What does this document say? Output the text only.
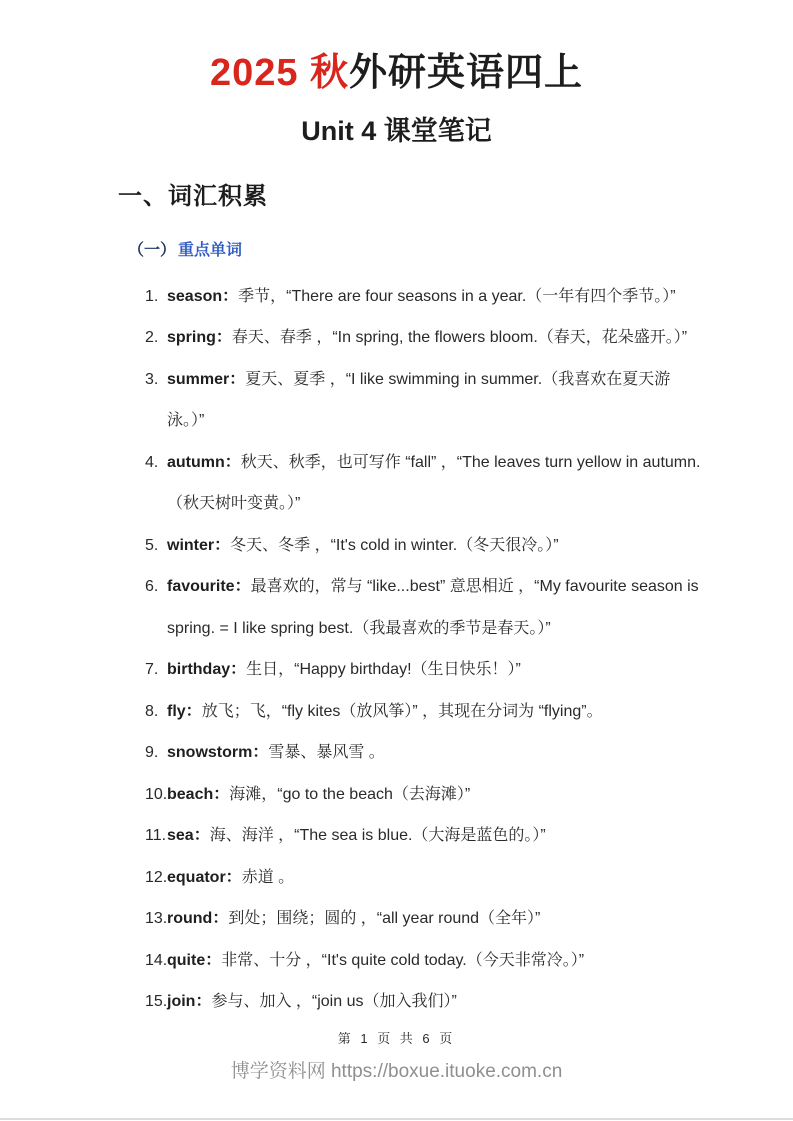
2025 秋外研英语四上
Unit 4 课堂笔记
一、词汇积累
（一） 重点单词
1. season：季节，“There are four seasons in a year.（一年有四个季节。）”
2. spring：春天、春季 ，“In spring, the flowers bloom.（春天，花朵盛开。）”
3. summer：夏天、夏季 ，“I like swimming in summer.（我喜欢在夏天游泳。）”
4. autumn：秋天、秋季，也可写作 “fall” ，“The leaves turn yellow in autumn.（秋天树叶变黄。）”
5. winter：冬天、冬季 ，“It's cold in winter.（冬天很冷。）”
6. favourite：最喜欢的，常与 “like...best” 意思相近 ，“My favourite season is spring. = I like spring best.（我最喜欢的季节是春天。）”
7. birthday：生日，“Happy birthday!（生日快乐！）”
8. fly：放飞；飞，“fly kites（放风筝）” ，其现在分词为 “flying”。
9. snowstorm：雪暴、暴风雪 。
10. beach：海滩，“go to the beach（去海滩）”
11. sea：海、海洋 ，“The sea is blue.（大海是蓝色的。）”
12. equator：赤道 。
13. round：到处；围绕；圆的 ，“all year round（全年）”
14. quite：非常、十分 ，“It's quite cold today.（今天非常冷。）”
15. join：参与、加入 ，“join us（加入我们）”
第 1 页 共 6 页
博学资料网 https://boxue.ituoke.com.cn
